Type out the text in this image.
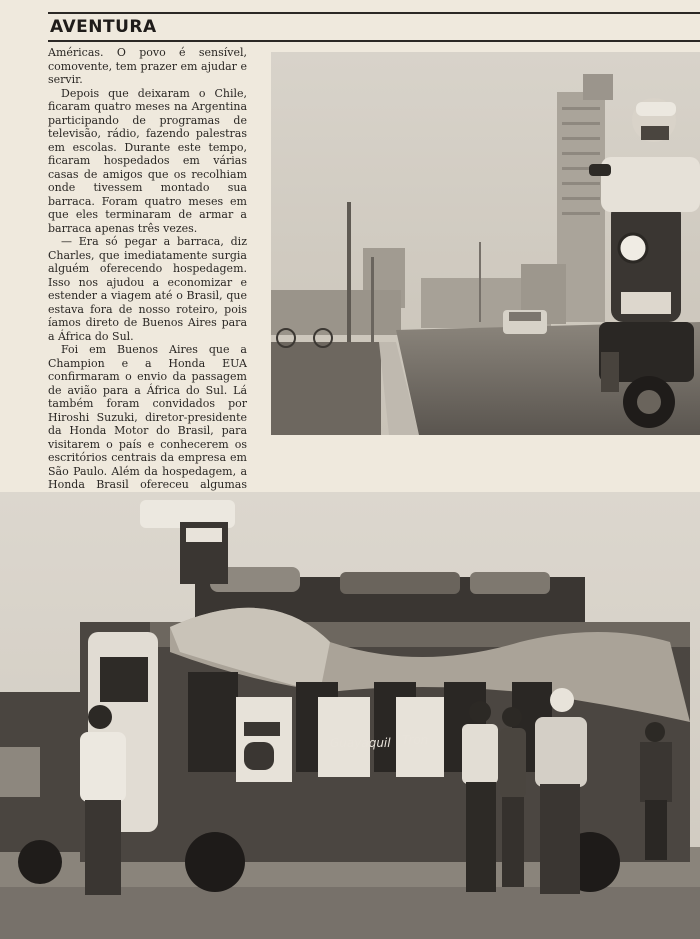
AVENTURA

Américas. O povo é sensível, comovente, tem prazer em ajudar e servir.

Depois que deixaram o Chile, ficaram quatro meses na Argentina participando de programas de televisão, rádio, fazendo palestras em escolas. Durante este tempo, ficaram hospedados em várias casas de amigos que os recolhiam onde tivessem montado sua barraca. Foram quatro meses em que eles terminaram de armar a barraca apenas três vezes.

— Era só pegar a barraca, diz Charles, que imediatamente surgia alguém oferecendo hospedagem. Isso nos ajudou a economizar e estender a viagem até o Brasil, que estava fora de nosso roteiro, pois íamos direto de Buenos Aires para a África do Sul.

Foi em Buenos Aires que a Champion e a Honda EUA confirmaram o envio da passagem de avião para a África do Sul. Lá também foram convidados por Hiroshi Suzuki, diretor-presidente da Honda Motor do Brasil, para visitarem o país e conhecerem os escritórios centrais da empresa em São Paulo. Além da hospedagem, a Honda Brasil ofereceu algumas

Guayaquil Tron
